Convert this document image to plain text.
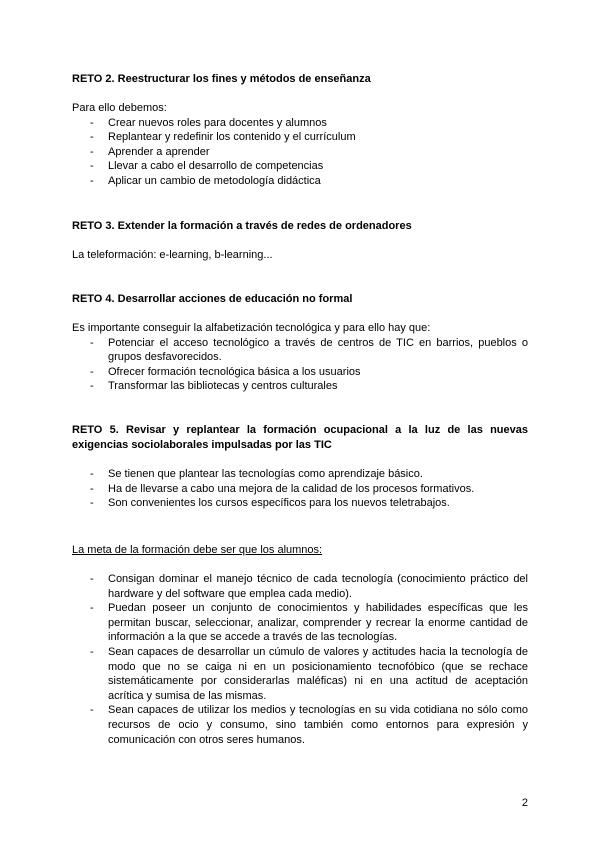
RETO 2. Reestructurar los fines y métodos de enseñanza
Para ello debemos:
- Crear nuevos roles para docentes y alumnos
- Replantear y redefinir los contenido y el currículum
- Aprender a aprender
- Llevar a cabo el desarrollo de competencias
- Aplicar un cambio de metodología didáctica
RETO 3. Extender la formación a través de redes de ordenadores
La teleformación: e-learning, b-learning...
RETO 4. Desarrollar acciones de educación no formal
Es importante conseguir la alfabetización tecnológica y para ello hay que:
- Potenciar el acceso tecnológico a través de centros de TIC en barrios, pueblos o grupos desfavorecidos.
- Ofrecer formación tecnológica básica a los usuarios
- Transformar las bibliotecas y centros culturales
RETO 5. Revisar y replantear la formación ocupacional a la luz de las nuevas exigencias sociolaborales impulsadas por las TIC
- Se tienen que plantear las tecnologías como aprendizaje básico.
- Ha de llevarse a cabo una mejora de la calidad de los procesos formativos.
- Son convenientes los cursos específicos para los nuevos teletrabajos.
La meta de la formación debe ser que los alumnos:
- Consigan dominar el manejo técnico de cada tecnología (conocimiento práctico del hardware y del software que emplea cada medio).
- Puedan poseer un conjunto de conocimientos y habilidades específicas que les permitan buscar, seleccionar, analizar, comprender y recrear la enorme cantidad de información a la que se accede a través de las tecnologías.
- Sean capaces de desarrollar un cúmulo de valores y actitudes hacia la tecnología de modo que no se caiga ni en un posicionamiento tecnofóbico (que se rechace sistemáticamente por considerarlas maléficas) ni en una actitud de aceptación acrítica y sumisa de las mismas.
- Sean capaces de utilizar los medios y tecnologías en su vida cotidiana no sólo como recursos de ocio y consumo, sino también como entornos para expresión y comunicación con otros seres humanos.
2
